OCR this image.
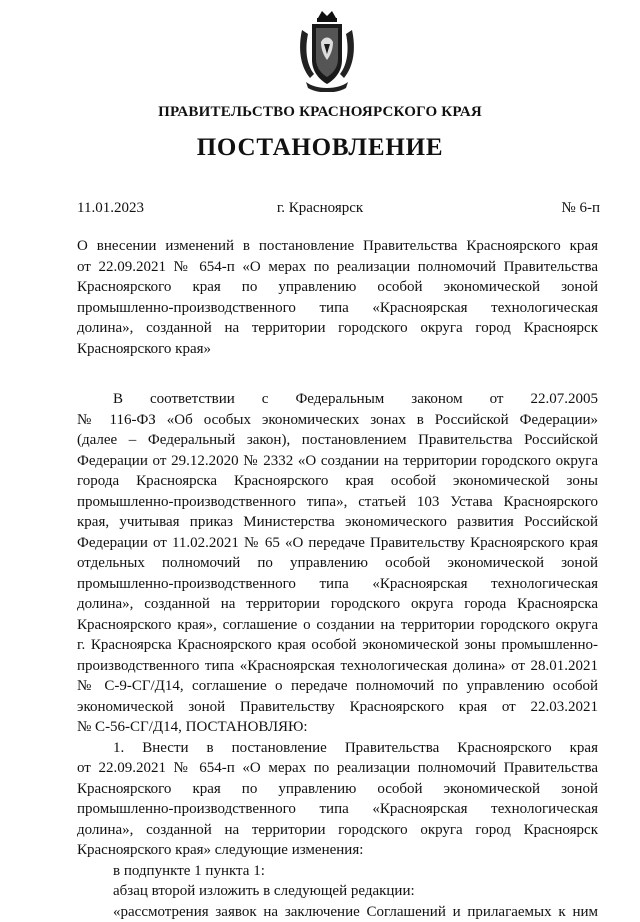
ПРАВИТЕЛЬСТВО КРАСНОЯРСКОГО КРАЯ
ПОСТАНОВЛЕНИЕ
11.01.2023	г. Красноярск	№ 6-п
О внесении изменений в постановление Правительства Красноярского края
от 22.09.2021 № 654-п «О мерах по реализации полномочий Правительства
Красноярского края по управлению особой экономической зоной
промышленно-производственного типа «Красноярская технологическая
долина», созданной на территории городского округа город Красноярск
Красноярского края»
В соответствии с Федеральным законом от 22.07.2005
№ 116-ФЗ «Об особых экономических зонах в Российской Федерации»
(далее – Федеральный закон), постановлением Правительства Российской
Федерации от 29.12.2020 № 2332 «О создании на территории городского округа
города Красноярска Красноярского края особой экономической зоны
промышленно-производственного типа», статьей 103 Устава Красноярского
края, учитывая приказ Министерства экономического развития Российской
Федерации от 11.02.2021 № 65 «О передаче Правительству Красноярского края
отдельных полномочий по управлению особой экономической зоной
промышленно-производственного типа «Красноярская технологическая
долина», созданной на территории городского округа города Красноярска
Красноярского края», соглашение о создании на территории городского округа
г. Красноярска Красноярского края особой экономической зоны промышленно-
производственного типа «Красноярская технологическая долина» от 28.01.2021
№ С-9-СГ/Д14, соглашение о передаче полномочий по управлению особой
экономической зоной Правительству Красноярского края от 22.03.2021
№ С-56-СГ/Д14, ПОСТАНОВЛЯЮ:
1. Внести в постановление Правительства Красноярского края
от 22.09.2021 № 654-п «О мерах по реализации полномочий Правительства
Красноярского края по управлению особой экономической зоной
промышленно-производственного типа «Красноярская технологическая
долина», созданной на территории городского округа город Красноярск
Красноярского края» следующие изменения:
в подпункте 1 пункта 1:
абзац второй изложить в следующей редакции:
«рассмотрения заявок на заключение Соглашений и прилагаемых к ним
